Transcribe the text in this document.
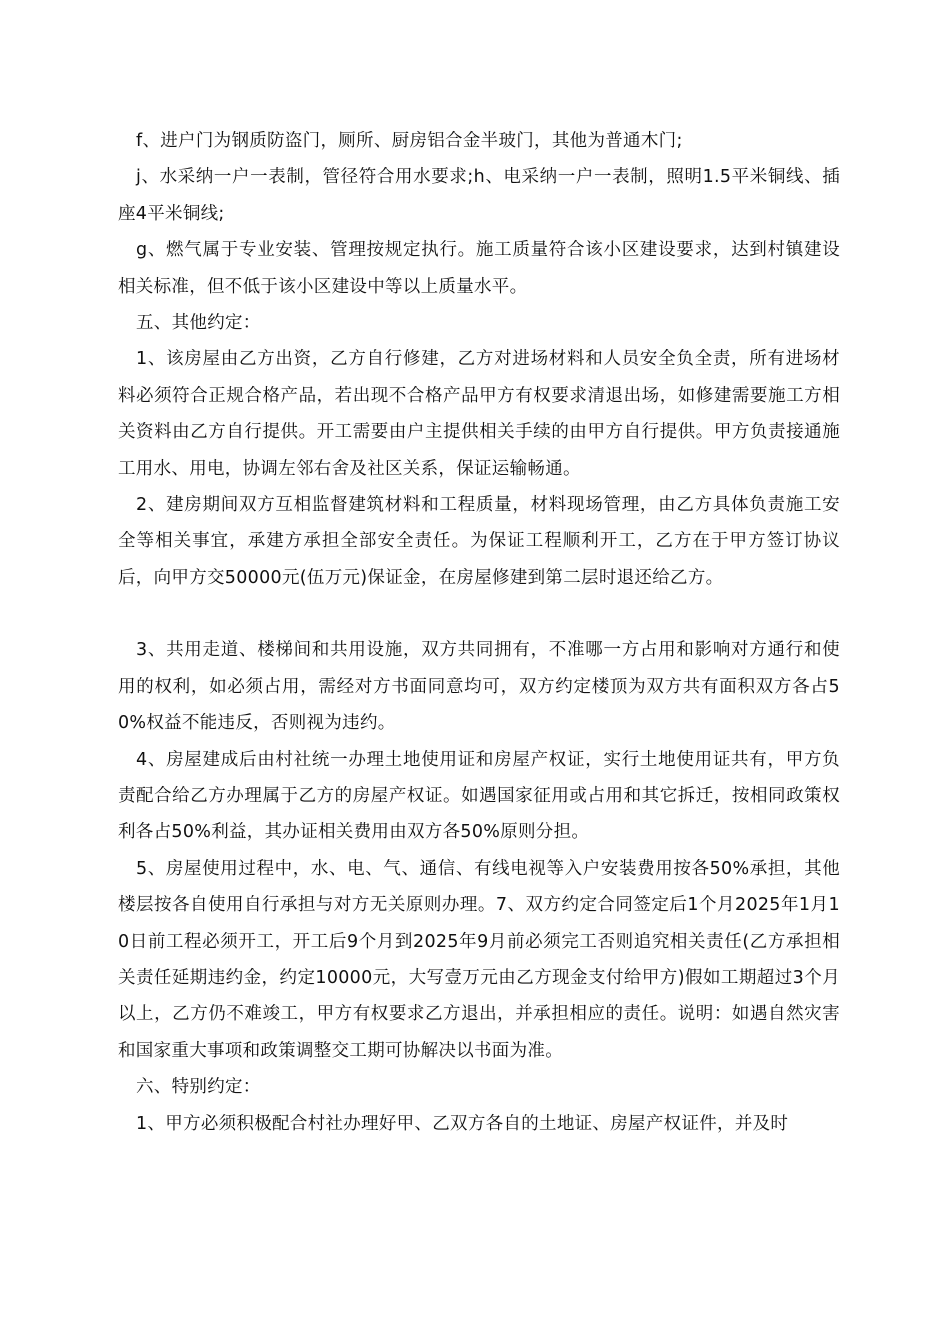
f、进户门为钢质防盗门，厕所、厨房铝合金半玻门，其他为普通木门;

j、水采纳一户一表制，管径符合用水要求;h、电采纳一户一表制，照明1.5平米铜线、插座4平米铜线;

g、燃气属于专业安装、管理按规定执行。施工质量符合该小区建设要求，达到村镇建设相关标准，但不低于该小区建设中等以上质量水平。

五、其他约定：

1、该房屋由乙方出资，乙方自行修建，乙方对进场材料和人员安全负全责，所有进场材料必须符合正规合格产品，若出现不合格产品甲方有权要求清退出场，如修建需要施工方相关资料由乙方自行提供。开工需要由户主提供相关手续的由甲方自行提供。甲方负责接通施工用水、用电，协调左邻右舍及社区关系，保证运输畅通。

2、建房期间双方互相监督建筑材料和工程质量，材料现场管理，由乙方具体负责施工安全等相关事宜，承建方承担全部安全责任。为保证工程顺利开工，乙方在于甲方签订协议后，向甲方交50000元(伍万元)保证金，在房屋修建到第二层时退还给乙方。

3、共用走道、楼梯间和共用设施，双方共同拥有，不准哪一方占用和影响对方通行和使用的权利，如必须占用，需经对方书面同意均可，双方约定楼顶为双方共有面积双方各占50%权益不能违反，否则视为违约。

4、房屋建成后由村社统一办理土地使用证和房屋产权证，实行土地使用证共有，甲方负责配合给乙方办理属于乙方的房屋产权证。如遇国家征用或占用和其它拆迁，按相同政策权利各占50%利益，其办证相关费用由双方各50%原则分担。

5、房屋使用过程中，水、电、气、通信、有线电视等入户安装费用按各50%承担，其他楼层按各自使用自行承担与对方无关原则办理。7、双方约定合同签定后1个月2025年1月10日前工程必须开工，开工后9个月到2025年9月前必须完工否则追究相关责任(乙方承担相关责任延期违约金，约定10000元，大写壹万元由乙方现金支付给甲方)假如工期超过3个月以上，乙方仍不难竣工，甲方有权要求乙方退出，并承担相应的责任。说明：如遇自然灾害和国家重大事项和政策调整交工期可协解决以书面为准。

六、特别约定：

1、甲方必须积极配合村社办理好甲、乙双方各自的土地证、房屋产权证件，并及时
